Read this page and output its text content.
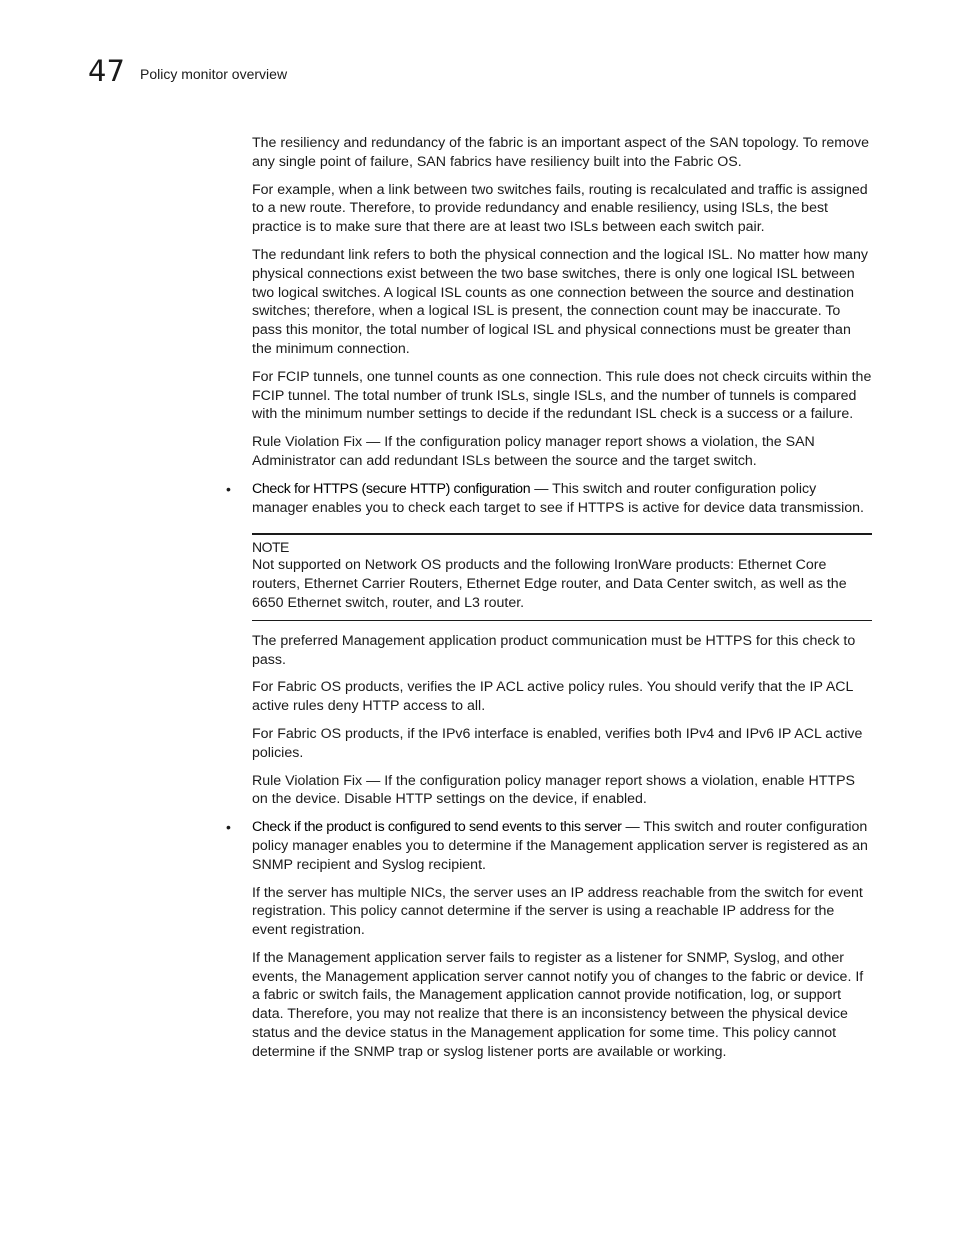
47 Policy monitor overview

The resiliency and redundancy of the fabric is an important aspect of the SAN topology. To remove any single point of failure, SAN fabrics have resiliency built into the Fabric OS.

For example, when a link between two switches fails, routing is recalculated and traffic is assigned to a new route. Therefore, to provide redundancy and enable resiliency, using ISLs, the best practice is to make sure that there are at least two ISLs between each switch pair.

The redundant link refers to both the physical connection and the logical ISL. No matter how many physical connections exist between the two base switches, there is only one logical ISL between two logical switches. A logical ISL counts as one connection between the source and destination switches; therefore, when a logical ISL is present, the connection count may be inaccurate. To pass this monitor, the total number of logical ISL and physical connections must be greater than the minimum connection.

For FCIP tunnels, one tunnel counts as one connection. This rule does not check circuits within the FCIP tunnel. The total number of trunk ISLs, single ISLs, and the number of tunnels is compared with the minimum number settings to decide if the redundant ISL check is a success or a failure.

Rule Violation Fix — If the configuration policy manager report shows a violation, the SAN Administrator can add redundant ISLs between the source and the target switch.

• Check for HTTPS (secure HTTP) configuration — This switch and router configuration policy manager enables you to check each target to see if HTTPS is active for device data transmission.
NOTE
Not supported on Network OS products and the following IronWare products: Ethernet Core routers, Ethernet Carrier Routers, Ethernet Edge router, and Data Center switch, as well as the 6650 Ethernet switch, router, and L3 router.

The preferred Management application product communication must be HTTPS for this check to pass.

For Fabric OS products, verifies the IP ACL active policy rules. You should verify that the IP ACL active rules deny HTTP access to all.

For Fabric OS products, if the IPv6 interface is enabled, verifies both IPv4 and IPv6 IP ACL active policies.

Rule Violation Fix — If the configuration policy manager report shows a violation, enable HTTPS on the device. Disable HTTP settings on the device, if enabled.

• Check if the product is configured to send events to this server — This switch and router configuration policy manager enables you to determine if the Management application server is registered as an SNMP recipient and Syslog recipient.

If the server has multiple NICs, the server uses an IP address reachable from the switch for event registration. This policy cannot determine if the server is using a reachable IP address for the event registration.

If the Management application server fails to register as a listener for SNMP, Syslog, and other events, the Management application server cannot notify you of changes to the fabric or device. If a fabric or switch fails, the Management application cannot provide notification, log, or support data. Therefore, you may not realize that there is an inconsistency between the physical device status and the device status in the Management application for some time. This policy cannot determine if the SNMP trap or syslog listener ports are available or working.
